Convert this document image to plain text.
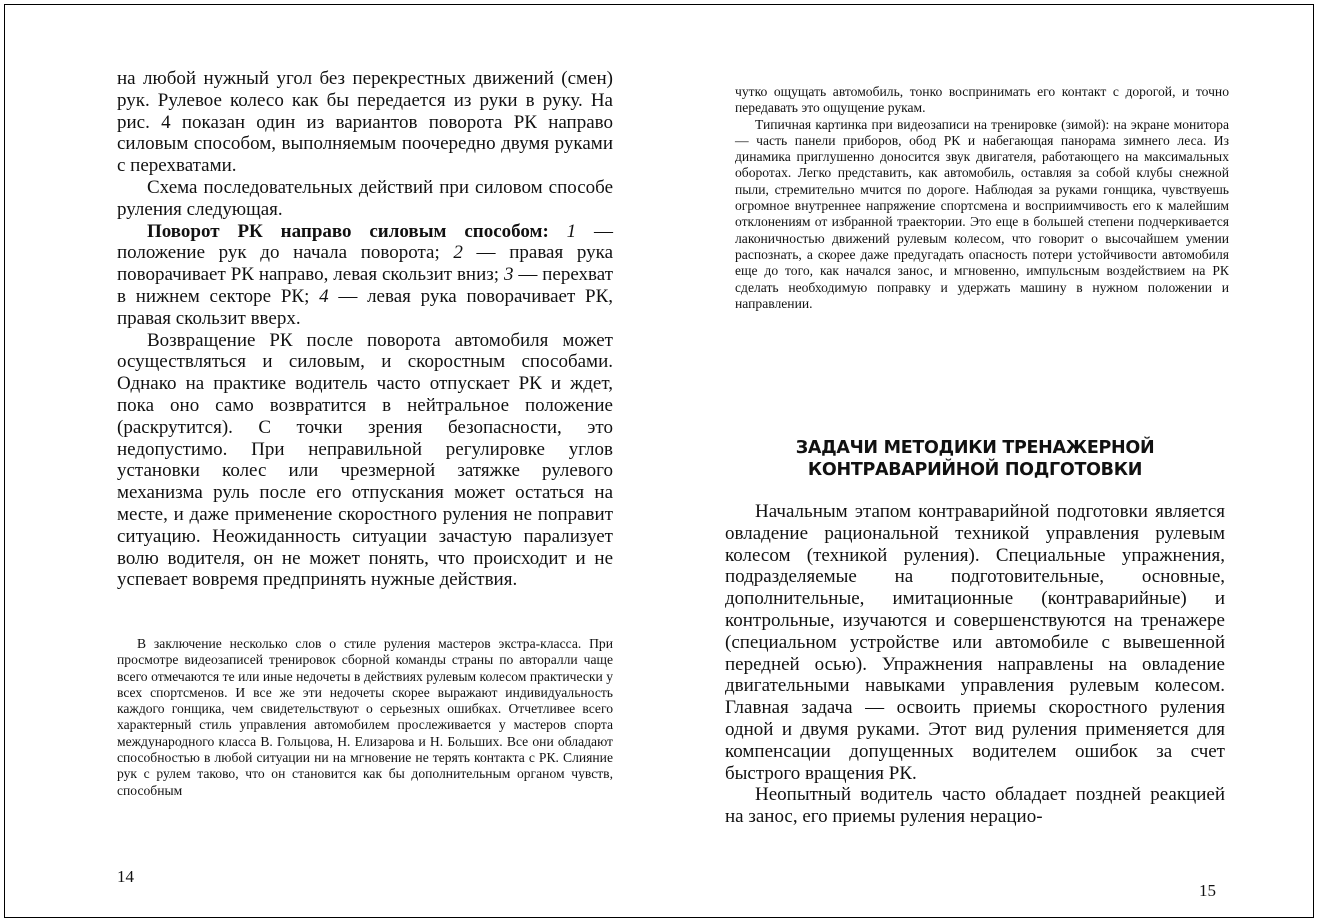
на любой нужный угол без перекрестных движений (смен) рук. Рулевое колесо как бы передается из руки в руку. На рис. 4 показан один из вариантов поворота РК направо силовым способом, выполняемым поочередно двумя руками с перехватами.

Схема последовательных действий при силовом способе руления следующая.

Поворот РК направо силовым способом: 1 — положение рук до начала поворота; 2 — правая рука поворачивает РК направо, левая скользит вниз; 3 — перехват в нижнем секторе РК; 4 — левая рука поворачивает РК, правая скользит вверх.

Возвращение РК после поворота автомобиля может осуществляться и силовым, и скоростным способами. Однако на практике водитель часто отпускает РК и ждет, пока оно само возвратится в нейтральное положение (раскрутится). С точки зрения безопасности, это недопустимо. При неправильной регулировке углов установки колес или чрезмерной затяжке рулевого механизма руль после его отпускания может остаться на месте, и даже применение скоростного руления не поправит ситуацию. Неожиданность ситуации зачастую парализует волю водителя, он не может понять, что происходит и не успевает вовремя предпринять нужные действия.

В заключение несколько слов о стиле руления мастеров экстра-класса. При просмотре видеозаписей тренировок сборной команды страны по авторалли чаще всего отмечаются те или иные недочеты в действиях рулевым колесом практически у всех спортсменов. И все же эти недочеты скорее выражают индивидуальность каждого гонщика, чем свидетельствуют о серьезных ошибках. Отчетливее всего характерный стиль управления автомобилем прослеживается у мастеров спорта международного класса В. Гольцова, Н. Елизарова и Н. Больших. Все они обладают способностью в любой ситуации ни на мгновение не терять контакта с РК. Слияние рук с рулем таково, что он становится как бы дополнительным органом чувств, способным

14

чутко ощущать автомобиль, тонко воспринимать его контакт с дорогой, и точно передавать это ощущение рукам.

Типичная картинка при видеозаписи на тренировке (зимой): на экране монитора — часть панели приборов, обод РК и набегающая панорама зимнего леса. Из динамика приглушенно доносится звук двигателя, работающего на максимальных оборотах. Легко представить, как автомобиль, оставляя за собой клубы снежной пыли, стремительно мчится по дороге. Наблюдая за руками гонщика, чувствуешь огромное внутреннее напряжение спортсмена и восприимчивость его к малейшим отклонениям от избранной траектории. Это еще в большей степени подчеркивается лаконичностью движений рулевым колесом, что говорит о высочайшем умении распознать, а скорее даже предугадать опасность потери устойчивости автомобиля еще до того, как начался занос, и мгновенно, импульсным воздействием на РК сделать необходимую поправку и удержать машину в нужном положении и направлении.

ЗАДАЧИ МЕТОДИКИ ТРЕНАЖЕРНОЙ
КОНТРАВАРИЙНОЙ ПОДГОТОВКИ

Начальным этапом контраварийной подготовки является овладение рациональной техникой управления рулевым колесом (техникой руления). Специальные упражнения, подразделяемые на подготовительные, основные, дополнительные, имитационные (контраварийные) и контрольные, изучаются и совершенствуются на тренажере (специальном устройстве или автомобиле с вывешенной передней осью). Упражнения направлены на овладение двигательными навыками управления рулевым колесом. Главная задача — освоить приемы скоростного руления одной и двумя руками. Этот вид руления применяется для компенсации допущенных водителем ошибок за счет быстрого вращения РК.

Неопытный водитель часто обладает поздней реакцией на занос, его приемы руления нерацио-

15
